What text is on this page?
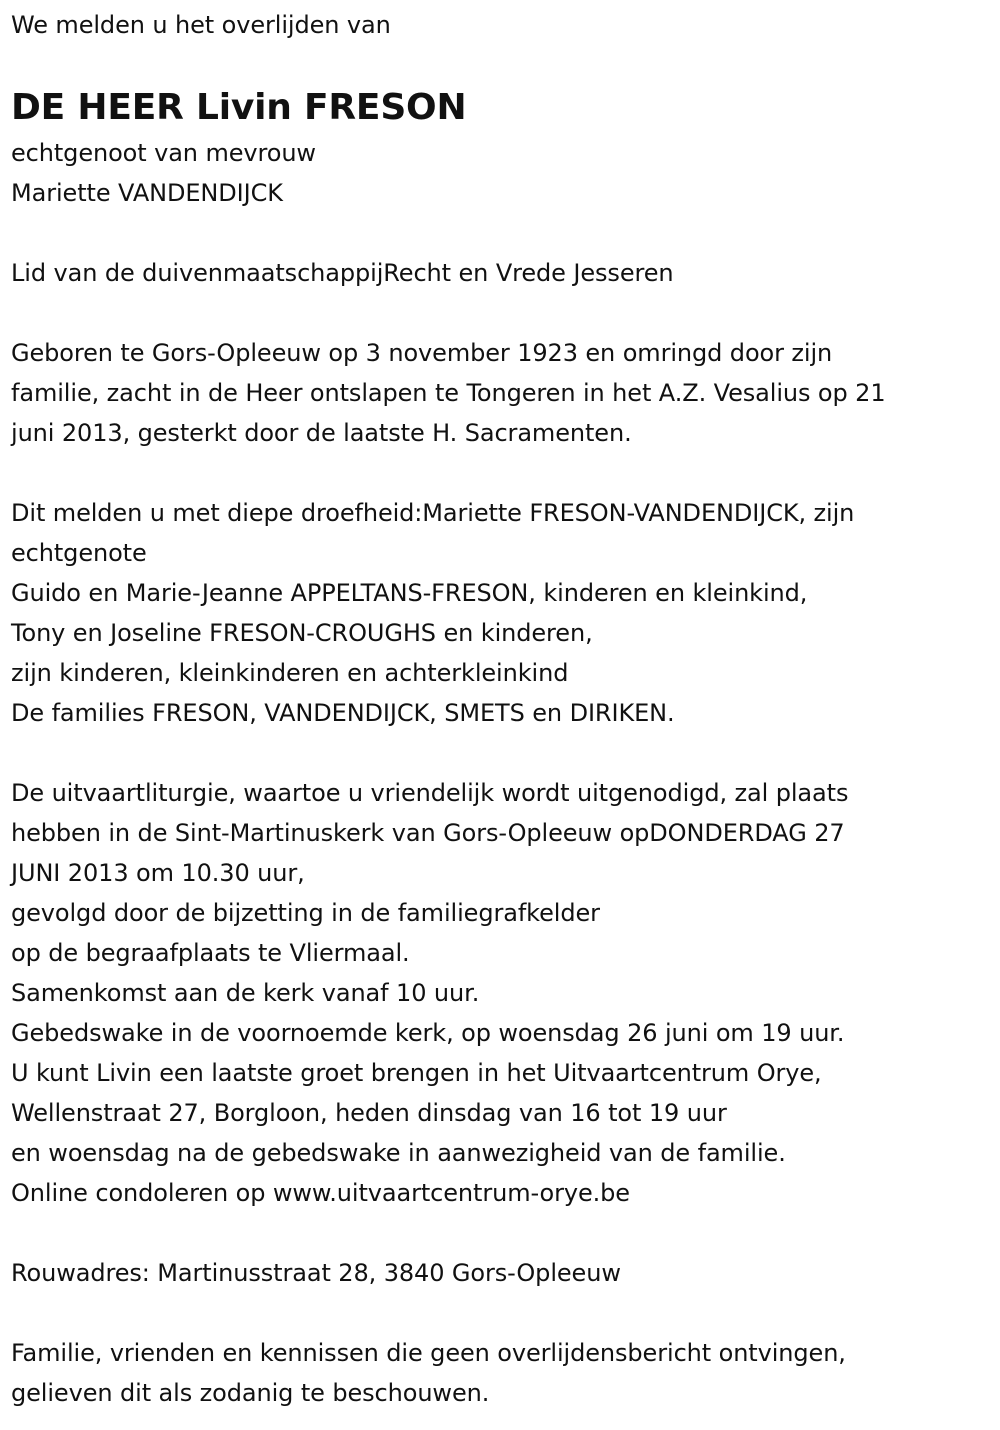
We melden u het overlijden van
DE HEER Livin FRESON
echtgenoot van mevrouw
Mariette VANDENDIJCK
Lid van de duivenmaatschappijRecht en Vrede Jesseren
Geboren te Gors-Opleeuw op 3 november 1923 en omringd door zijn
familie, zacht in de Heer ontslapen te Tongeren in het A.Z. Vesalius op 21
juni 2013, gesterkt door de laatste H. Sacramenten.
Dit melden u met diepe droefheid:Mariette FRESON-VANDENDIJCK, zijn
echtgenote
Guido en Marie-Jeanne APPELTANS-FRESON, kinderen en kleinkind,
Tony en Joseline FRESON-CROUGHS en kinderen,
zijn kinderen, kleinkinderen en achterkleinkind
De families FRESON, VANDENDIJCK, SMETS en DIRIKEN.
De uitvaartliturgie, waartoe u vriendelijk wordt uitgenodigd, zal plaats
hebben in de Sint-Martinuskerk van Gors-Opleeuw opDONDERDAG 27
JUNI 2013 om 10.30 uur,
gevolgd door de bijzetting in de familiegrafkelder
op de begraafplaats te Vliermaal.
Samenkomst aan de kerk vanaf 10 uur.
Gebedswake in de voornoemde kerk, op woensdag 26 juni om 19 uur.
U kunt Livin een laatste groet brengen in het Uitvaartcentrum Orye,
Wellenstraat 27, Borgloon, heden dinsdag van 16 tot 19 uur
en woensdag na de gebedswake in aanwezigheid van de familie.
Online condoleren op www.uitvaartcentrum-orye.be
Rouwadres: Martinusstraat 28, 3840 Gors-Opleeuw
Familie, vrienden en kennissen die geen overlijdensbericht ontvingen,
gelieven dit als zodanig te beschouwen.
